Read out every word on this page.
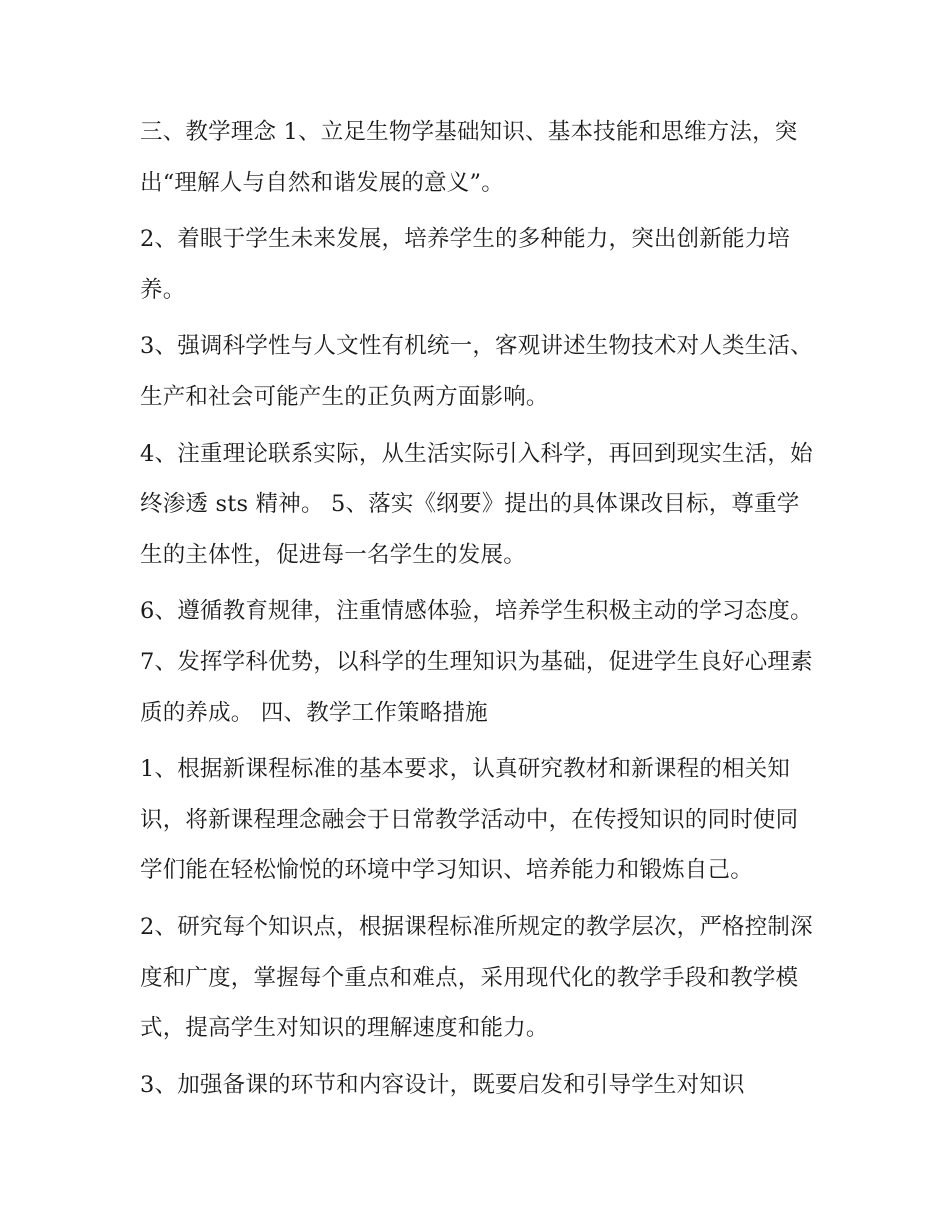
三、教学理念 1、立足生物学基础知识、基本技能和思维方法，突出“理解人与自然和谐发展的意义”。

2、着眼于学生未来发展，培养学生的多种能力，突出创新能力培养。

3、强调科学性与人文性有机统一，客观讲述生物技术对人类生活、生产和社会可能产生的正负两方面影响。

4、注重理论联系实际，从生活实际引入科学，再回到现实生活，始终渗透 sts 精神。 5、落实《纲要》提出的具体课改目标，尊重学生的主体性，促进每一名学生的发展。

6、遵循教育规律，注重情感体验，培养学生积极主动的学习态度。 7、发挥学科优势，以科学的生理知识为基础，促进学生良好心理素质的养成。 四、教学工作策略措施

1、根据新课程标准的基本要求，认真研究教材和新课程的相关知识，将新课程理念融会于日常教学活动中，在传授知识的同时使同学们能在轻松愉悦的环境中学习知识、培养能力和锻炼自己。

2、研究每个知识点，根据课程标准所规定的教学层次，严格控制深度和广度，掌握每个重点和难点，采用现代化的教学手段和教学模式，提高学生对知识的理解速度和能力。

3、加强备课的环节和内容设计，既要启发和引导学生对知识
